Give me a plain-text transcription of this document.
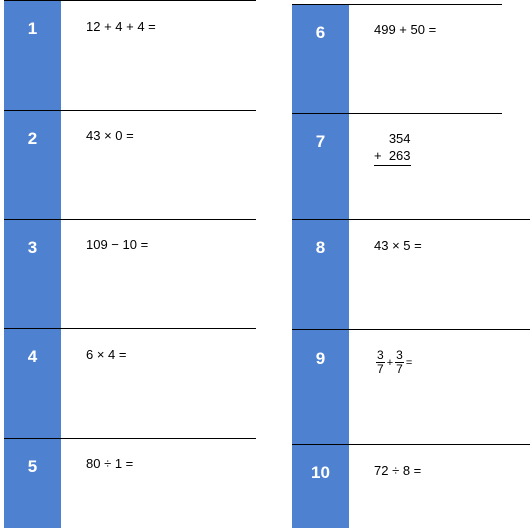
1	12 + 4 + 4 =
2	43 × 0 =
3	109 − 10 =
4	6 × 4 =
5	80 ÷ 1 =
6	499 + 50 =
7	354
+  263
8	43 × 5 =
9	$\frac{3}{7} + \frac{3}{7}$ =
10	72 ÷ 8 =
